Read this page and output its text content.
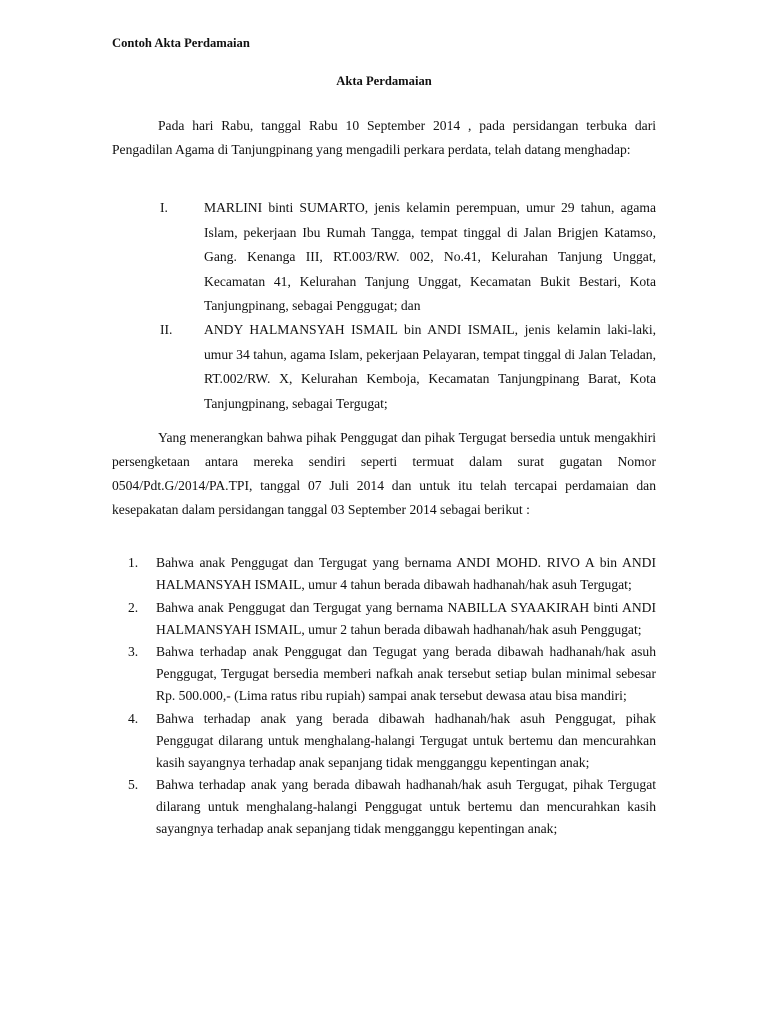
Contoh Akta Perdamaian
Akta Perdamaian
Pada hari Rabu, tanggal Rabu 10 September 2014 , pada persidangan terbuka dari Pengadilan Agama di Tanjungpinang yang mengadili perkara perdata, telah datang menghadap:
I.	MARLINI binti SUMARTO, jenis kelamin perempuan, umur 29 tahun, agama Islam, pekerjaan Ibu Rumah Tangga, tempat tinggal di Jalan Brigjen Katamso, Gang. Kenanga III, RT.003/RW. 002, No.41, Kelurahan Tanjung Unggat, Kecamatan 41, Kelurahan Tanjung Unggat, Kecamatan Bukit Bestari, Kota Tanjungpinang, sebagai Penggugat; dan
II. ANDY HALMANSYAH ISMAIL bin ANDI ISMAIL, jenis kelamin laki-laki, umur 34 tahun, agama Islam, pekerjaan Pelayaran, tempat tinggal di Jalan Teladan, RT.002/RW. X, Kelurahan Kemboja, Kecamatan Tanjungpinang Barat, Kota Tanjungpinang, sebagai Tergugat;
Yang menerangkan bahwa pihak Penggugat dan pihak Tergugat bersedia untuk mengakhiri persengketaan antara mereka sendiri seperti termuat dalam surat gugatan Nomor 0504/Pdt.G/2014/PA.TPI, tanggal 07 Juli 2014 dan untuk itu telah tercapai perdamaian dan kesepakatan dalam persidangan tanggal 03 September 2014 sebagai berikut :
1. Bahwa anak Penggugat dan Tergugat yang bernama ANDI MOHD. RIVO A bin ANDI HALMANSYAH ISMAIL, umur 4 tahun berada dibawah hadhanah/hak asuh Tergugat;
2. Bahwa anak Penggugat dan Tergugat yang bernama NABILLA SYAAKIRAH binti ANDI HALMANSYAH ISMAIL, umur 2 tahun berada dibawah hadhanah/hak asuh Penggugat;
3. Bahwa terhadap anak Penggugat dan Tegugat yang berada dibawah hadhanah/hak asuh Penggugat, Tergugat bersedia memberi nafkah anak tersebut setiap bulan minimal sebesar Rp. 500.000,- (Lima ratus ribu rupiah) sampai anak tersebut dewasa atau bisa mandiri;
4. Bahwa terhadap anak yang berada dibawah hadhanah/hak asuh Penggugat, pihak Penggugat dilarang untuk menghalang-halangi Tergugat untuk bertemu dan mencurahkan kasih sayangnya terhadap anak sepanjang tidak mengganggu kepentingan anak;
5. Bahwa terhadap anak yang berada dibawah hadhanah/hak asuh Tergugat, pihak Tergugat dilarang untuk menghalang-halangi Penggugat untuk bertemu dan mencurahkan kasih sayangnya terhadap anak sepanjang tidak mengganggu kepentingan anak;
